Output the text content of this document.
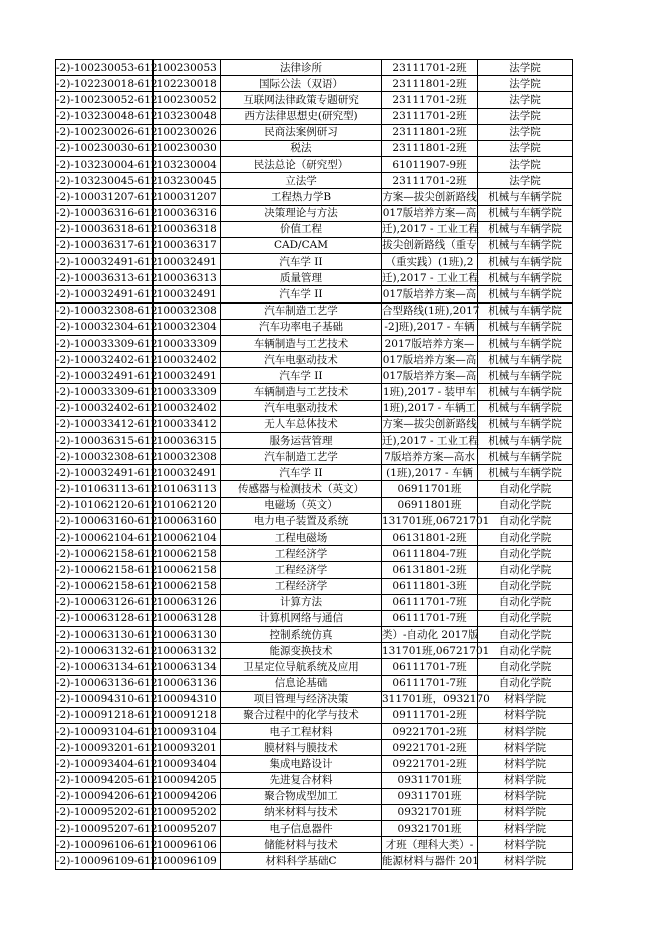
-2)-100230053-612	100230053	法律诊所	23111701-2班	法学院
-2)-102230018-612	102230018	国际公法（双语）	23111801-2班	法学院
-2)-100230052-612	100230052	互联网法律政策专题研究	23111701-2班	法学院
-2)-103230048-612	103230048	西方法律思想史(研究型)	23111701-2班	法学院
-2)-100230026-612	100230026	民商法案例研习	23111801-2班	法学院
-2)-100230030-612	100230030	税法	23111801-2班	法学院
-2)-103230004-612	103230004	民法总论（研究型）	61011907-9班	法学院
-2)-103230045-612	103230045	立法学	23111701-2班	法学院
-2)-100031207-612	100031207	工程热力学B	方案—拔尖创新路线	机械与车辆学院
-2)-100036316-612	100036316	决策理论与方法	017版培养方案—高	机械与车辆学院
-2)-100036318-612	100036318	价值工程	迁),2017 - 工业工程	机械与车辆学院
-2)-100036317-612	100036317	CAD/CAM	拔尖创新路线（重专	机械与车辆学院
-2)-100032491-612	100032491	汽车学 II	（重实践）(1班),2	机械与车辆学院
-2)-100036313-612	100036313	质量管理	迁),2017 - 工业工程	机械与车辆学院
-2)-100032491-612	100032491	汽车学 II	017版培养方案—高	机械与车辆学院
-2)-100032308-612	100032308	汽车制造工艺学	合型路线(1班),2017	机械与车辆学院
-2)-100032304-612	100032304	汽车功率电子基础	-2]班),2017 - 车辆	机械与车辆学院
-2)-100033309-612	100033309	车辆制造与工艺技术	2017版培养方案—	机械与车辆学院
-2)-100032402-612	100032402	汽车电驱动技术	017版培养方案—高	机械与车辆学院
-2)-100032491-612	100032491	汽车学 II	017版培养方案—高	机械与车辆学院
-2)-100033309-612	100033309	车辆制造与工艺技术	1班),2017 - 装甲车	机械与车辆学院
-2)-100032402-612	100032402	汽车电驱动技术	1班),2017 - 车辆工	机械与车辆学院
-2)-100033412-612	100033412	无人车总体技术	方案—拔尖创新路线	机械与车辆学院
-2)-100036315-612	100036315	服务运营管理	迁),2017 - 工业工程	机械与车辆学院
-2)-100032308-612	100032308	汽车制造工艺学	7版培养方案—高水	机械与车辆学院
-2)-100032491-612	100032491	汽车学 II	(1班),2017 - 车辆	机械与车辆学院
-2)-101063113-612	101063113	传感器与检测技术（英文）	06911701班	自动化学院
-2)-101062120-612	101062120	电磁场（英文）	06911801班	自动化学院
-2)-100063160-612	100063160	电力电子装置及系统	131701班,06721701	自动化学院
-2)-100062104-612	100062104	工程电磁场	06131801-2班	自动化学院
-2)-100062158-612	100062158	工程经济学	06111804-7班	自动化学院
-2)-100062158-612	100062158	工程经济学	06131801-2班	自动化学院
-2)-100062158-612	100062158	工程经济学	06111801-3班	自动化学院
-2)-100063126-612	100063126	计算方法	06111701-7班	自动化学院
-2)-100063128-612	100063128	计算机网络与通信	06111701-7班	自动化学院
-2)-100063130-612	100063130	控制系统仿真	类）-自动化 2017版	自动化学院
-2)-100063132-612	100063132	能源变换技术	131701班,06721701	自动化学院
-2)-100063134-612	100063134	卫星定位导航系统及应用	06111701-7班	自动化学院
-2)-100063136-612	100063136	信息论基础	06111701-7班	自动化学院
-2)-100094310-612	100094310	项目管理与经济决策	311701班，0932170	材料学院
-2)-100091218-612	100091218	聚合过程中的化学与技术	09111701-2班	材料学院
-2)-100093104-612	100093104	电子工程材料	09221701-2班	材料学院
-2)-100093201-612	100093201	膜材料与膜技术	09221701-2班	材料学院
-2)-100093404-612	100093404	集成电路设计	09221701-2班	材料学院
-2)-100094205-612	100094205	先进复合材料	09311701班	材料学院
-2)-100094206-612	100094206	聚合物成型加工	09311701班	材料学院
-2)-100095202-612	100095202	纳米材料与技术	09321701班	材料学院
-2)-100095207-612	100095207	电子信息器件	09321701班	材料学院
-2)-100096106-612	100096106	储能材料与技术	才班（理科大类）-	材料学院
-2)-100096109-612	100096109	材料科学基础C	能源材料与器件 201	材料学院
